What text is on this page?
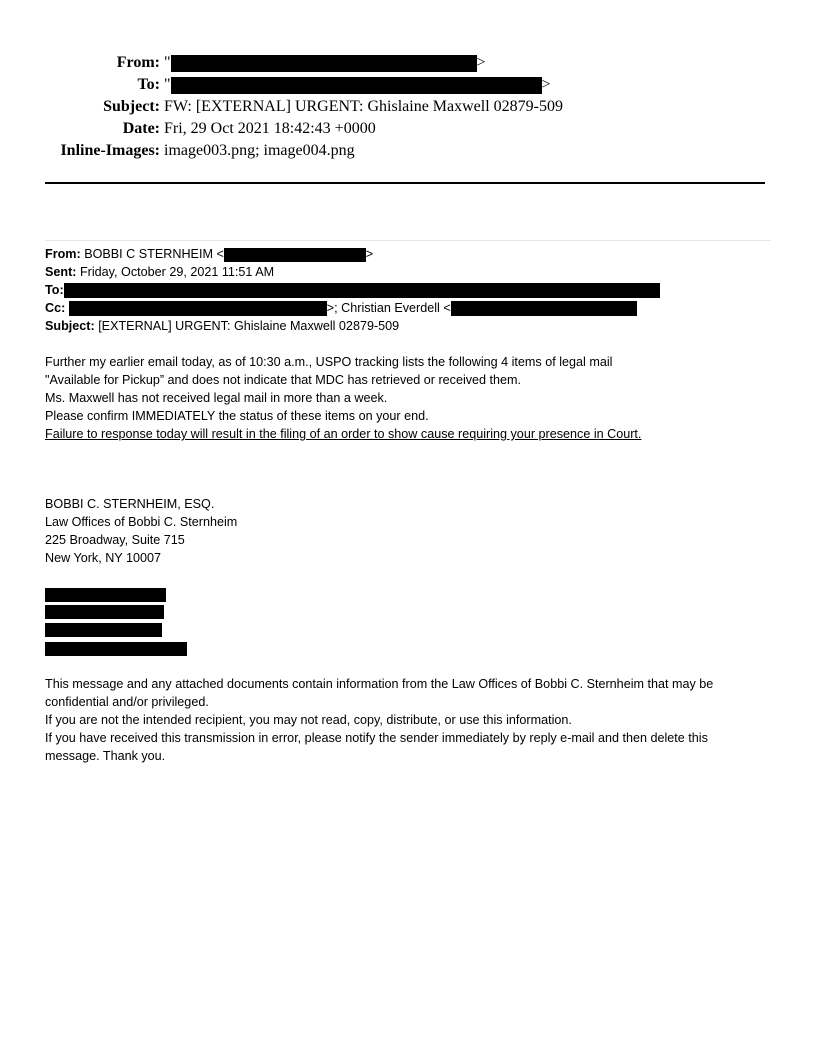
From: "	>
To: "	>
Subject: FW: [EXTERNAL] URGENT: Ghislaine Maxwell 02879-509
Date: Fri, 29 Oct 2021 18:42:43 +0000
Inline-Images: image003.png; image004.png
From: BOBBI C STERNHEIM <	>
Sent: Friday, October 29, 2021 11:51 AM
To:
Cc:	>; Christian Everdell <
Subject: [EXTERNAL] URGENT: Ghislaine Maxwell 02879-509
Further my earlier email today, as of 10:30 a.m., USPO tracking lists the following 4 items of legal mail
"Available for Pickup” and does not indicate that MDC has retrieved or received them.
Ms. Maxwell has not received legal mail in more than a week.
Please confirm IMMEDIATELY the status of these items on your end.
Failure to response today will result in the filing of an order to show cause requiring your presence in Court.
BOBBI C. STERNHEIM, ESQ.
Law Offices of Bobbi C. Sternheim
225 Broadway, Suite 715
New York, NY 10007
This message and any attached documents contain information from the Law Offices of Bobbi C. Sternheim that may be confidential and/or privileged.
If you are not the intended recipient, you may not read, copy, distribute, or use this information.
If you have received this transmission in error, please notify the sender immediately by reply e-mail and then delete this message. Thank you.
